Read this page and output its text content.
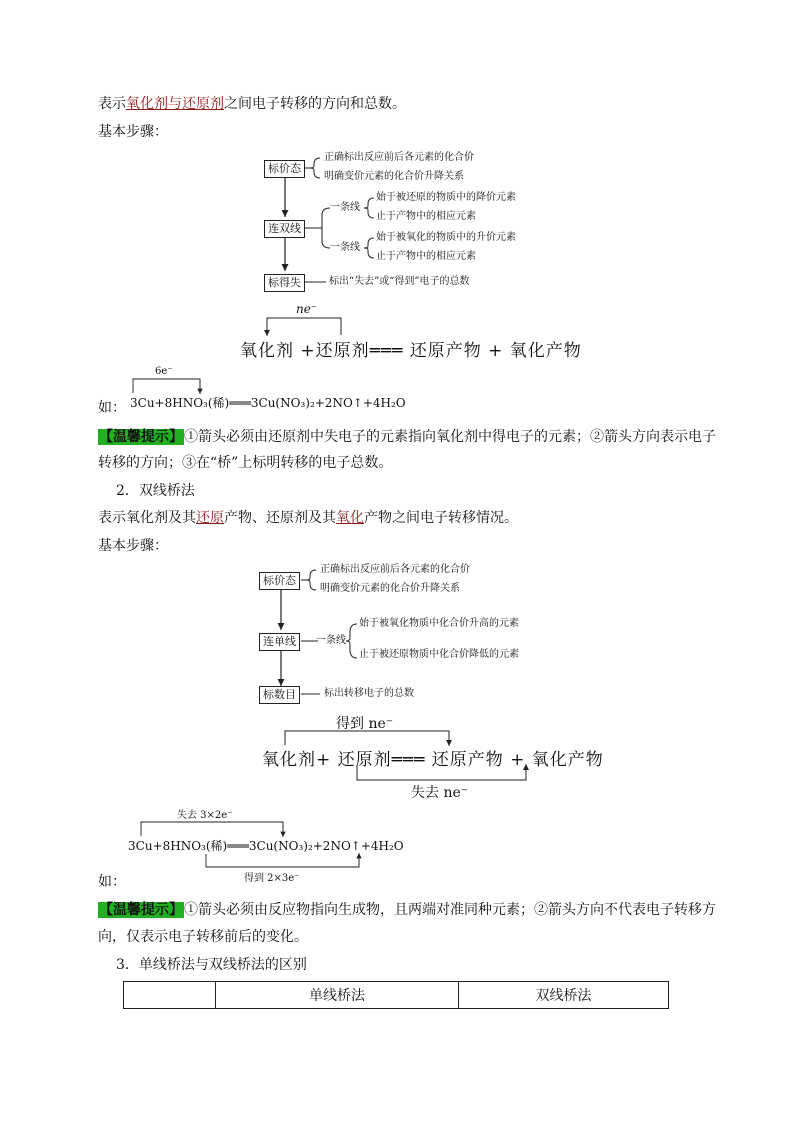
表示氧化剂与还原剂之间电子转移的方向和总数。
基本步骤：
标价态
正确标出反应前后各元素的化合价
明确变价元素的化合价升降关系
连双线
一条线
始于被还原的物质中的降价元素
止于产物中的相应元素
一条线
始于被氧化的物质中的升价元素
止于产物中的相应元素
标得失	标出“失去”或“得到”电子的总数
ne⁻
氧化剂 +还原剂═══ 还原产物 + 氧化产物
6e⁻
如： 3Cu+8HNO₃(稀)═══3Cu(NO₃)₂+2NO↑+4H₂O
【温馨提示】①箭头必须由还原剂中失电子的元素指向氧化剂中得电子的元素；②箭头方向表示电子
转移的方向；③在“桥”上标明转移的电子总数。
2．双线桥法
表示氧化剂及其还原产物、还原剂及其氧化产物之间电子转移情况。
基本步骤：
标价态
正确标出反应前后各元素的化合价
明确变价元素的化合价升降关系
连单线	一条线
始于被氧化物质中化合价升高的元素
止于被还原物质中化合价降低的元素
标数目	标出转移电子的总数
得到 ne⁻
氧化剂+ 还原剂═══ 还原产物 + 氧化产物
失去 ne⁻
失去 3×2e⁻
3Cu+8HNO₃(稀)═══3Cu(NO₃)₂+2NO↑+4H₂O
得到 2×3e⁻
如：
【温馨提示】①箭头必须由反应物指向生成物，且两端对准同种元素；②箭头方向不代表电子转移方
向，仅表示电子转移前后的变化。
3．单线桥法与双线桥法的区别
	单线桥法	双线桥法
